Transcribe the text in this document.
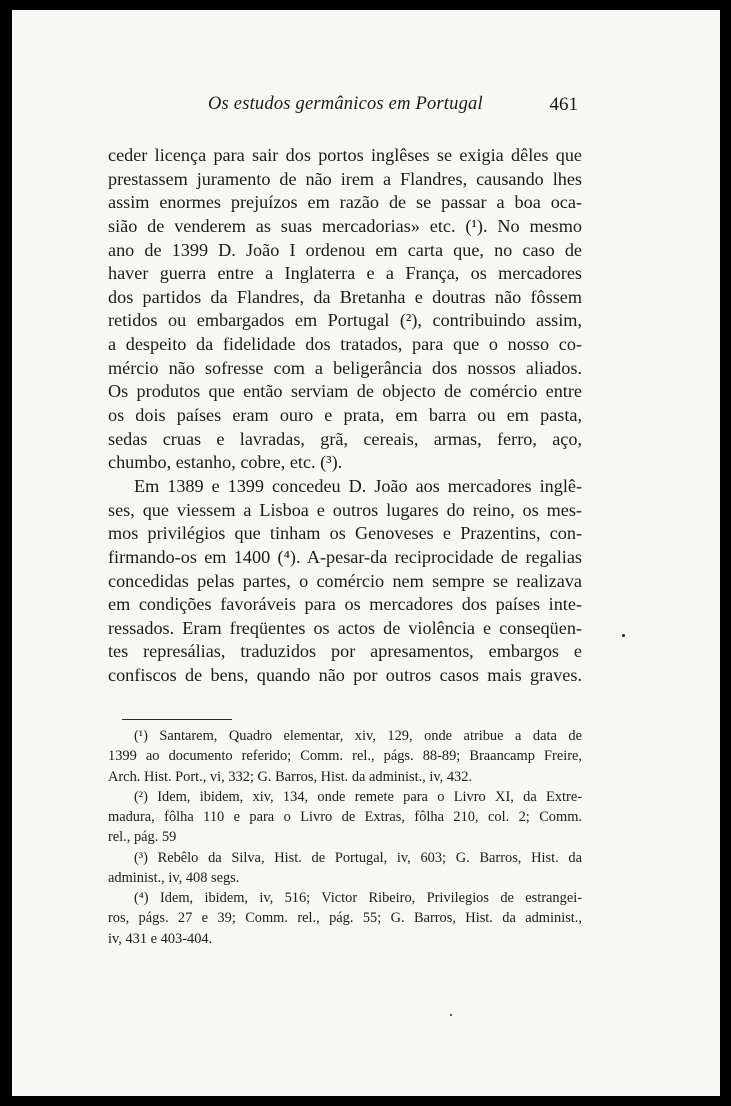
Os estudos germânicos em Portugal	461
ceder licença para sair dos portos inglêses se exigia dêles que
prestassem juramento de não irem a Flandres, causando lhes
assim enormes prejuízos em razão de se passar a boa oca-
sião de venderem as suas mercadorias» etc. (¹). No mesmo
ano de 1399 D. João I ordenou em carta que, no caso de
haver guerra entre a Inglaterra e a França, os mercadores
dos partidos da Flandres, da Bretanha e doutras não fôssem
retidos ou embargados em Portugal (²), contribuindo assim,
a despeito da fidelidade dos tratados, para que o nosso co-
mércio não sofresse com a beligerância dos nossos aliados.
Os produtos que então serviam de objecto de comércio entre
os dois países eram ouro e prata, em barra ou em pasta,
sedas cruas e lavradas, grã, cereais, armas, ferro, aço,
chumbo, estanho, cobre, etc. (³).
Em 1389 e 1399 concedeu D. João aos mercadores inglê-
ses, que viessem a Lisboa e outros lugares do reino, os mes-
mos privilégios que tinham os Genoveses e Prazentins, con-
firmando-os em 1400 (⁴). A-pesar-da reciprocidade de regalias
concedidas pelas partes, o comércio nem sempre se realizava
em condições favoráveis para os mercadores dos países inte-
ressados. Eram freqüentes os actos de violência e conseqüen-
tes represálias, traduzidos por apresamentos, embargos e
confiscos de bens, quando não por outros casos mais graves.
(¹) Santarem, Quadro elementar, xiv, 129, onde atribue a data de
1399 ao documento referido; Comm. rel., págs. 88-89; Braancamp Freire,
Arch. Hist. Port., vi, 332; G. Barros, Hist. da administ., iv, 432.
(²) Idem, ibidem, xiv, 134, onde remete para o Livro XI, da Extre-
madura, fôlha 110 e para o Livro de Extras, fôlha 210, col. 2; Comm.
rel., pág. 59
(³) Rebêlo da Silva, Hist. de Portugal, iv, 603; G. Barros, Hist. da
administ., iv, 408 segs.
(⁴) Idem, ibidem, iv, 516; Victor Ribeiro, Privilegios de estrangei-
ros, págs. 27 e 39; Comm. rel., pág. 55; G. Barros, Hist. da administ.,
iv, 431 e 403-404.
